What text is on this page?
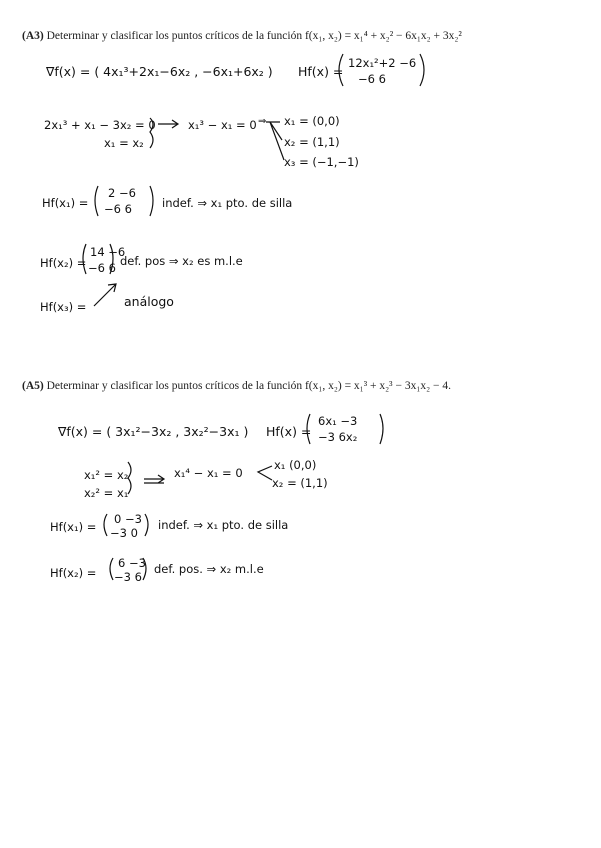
(A3) Determinar y clasificar los puntos críticos de la función f(x₁, x₂) = x₁⁴ + x₂² − 6x₁x₂ + 3x₂²
∇f(x) = ( 4x₁³+2x₁−6x₂ , −6x₁+6x₂ ) Hf(x) =
12x₁²+2 −6
−6 6
2x₁³ + x₁ − 3x₂ = 0
x₁ = x₂
x₁³ − x₁ = 0 ⇒ x₁ = (0,0)
x₂ = (1,1)
x₃ = (−1,−1)
Hf(x₁) =
2 −6
−6 6	indef. ⇒ x₁ pto. de silla
Hf(x₂) =
14 −6
−6 6 def. pos ⇒ x₂ es m.l.e
Hf(x₃) =	análogo
(A5) Determinar y clasificar los puntos críticos de la función f(x₁, x₂) = x₁³ + x₂³ − 3x₁x₂ − 4.
∇f(x) = ( 3x₁²−3x₂ , 3x₂²−3x₁ ) Hf(x) =
6x₁ −3
−3 6x₂
x₁² = x₂
x₂² = x₁
x₁⁴ − x₁ = 0
x₁ (0,0)
x₂ = (1,1)
Hf(x₁) =
0 −3
−3 0
indef. ⇒ x₁ pto. de silla
Hf(x₂) =
6 −3
−3 6
def. pos. ⇒ x₂ m.l.e
